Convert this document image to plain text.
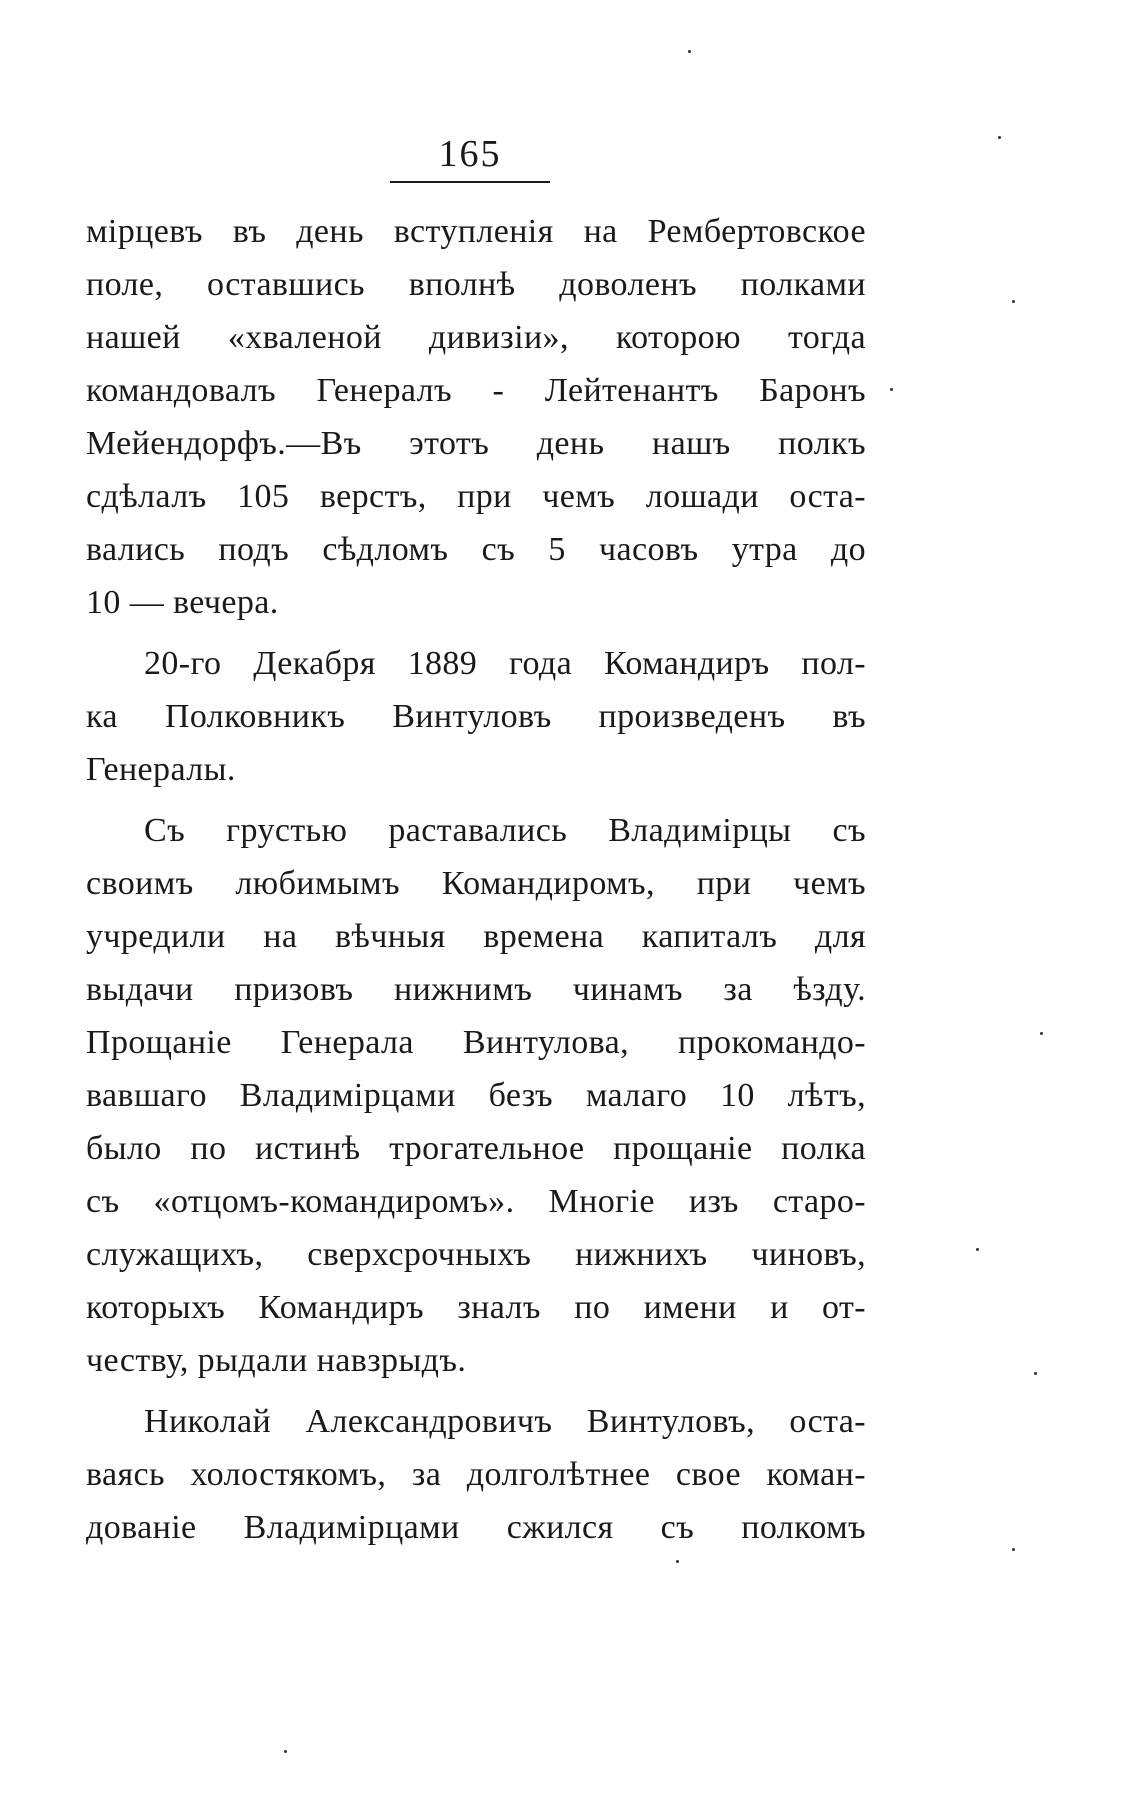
165
мірцевъ въ день вступленія на Рембертовское
поле, оставшись вполнѣ доволенъ полками
нашей «хваленой дивизіи», которою тогда
командовалъ Генералъ - Лейтенантъ Баронъ
Мейендорфъ.—Въ этотъ день нашъ полкъ
сдѣлалъ 105 верстъ, при чемъ лошади оста-
вались подъ сѣдломъ съ 5 часовъ утра до
10 — вечера.
20-го Декабря 1889 года Командиръ пол-
ка Полковникъ Винтуловъ произведенъ въ
Генералы.
Съ грустью раставались Владимірцы съ
своимъ любимымъ Командиромъ, при чемъ
учредили на вѣчныя времена капиталъ для
выдачи призовъ нижнимъ чинамъ за ѣзду.
Прощаніе Генерала Винтулова, прокомандо-
вавшаго Владимірцами безъ малаго 10 лѣтъ,
было по истинѣ трогательное прощаніе полка
съ «отцомъ-командиромъ». Многіе изъ старо-
служащихъ, сверхсрочныхъ нижнихъ чиновъ,
которыхъ Командиръ зналъ по имени и от-
честву, рыдали навзрыдъ.
Николай Александровичъ Винтуловъ, оста-
ваясь холостякомъ, за долголѣтнее свое коман-
дованіе Владимірцами сжился съ полкомъ
